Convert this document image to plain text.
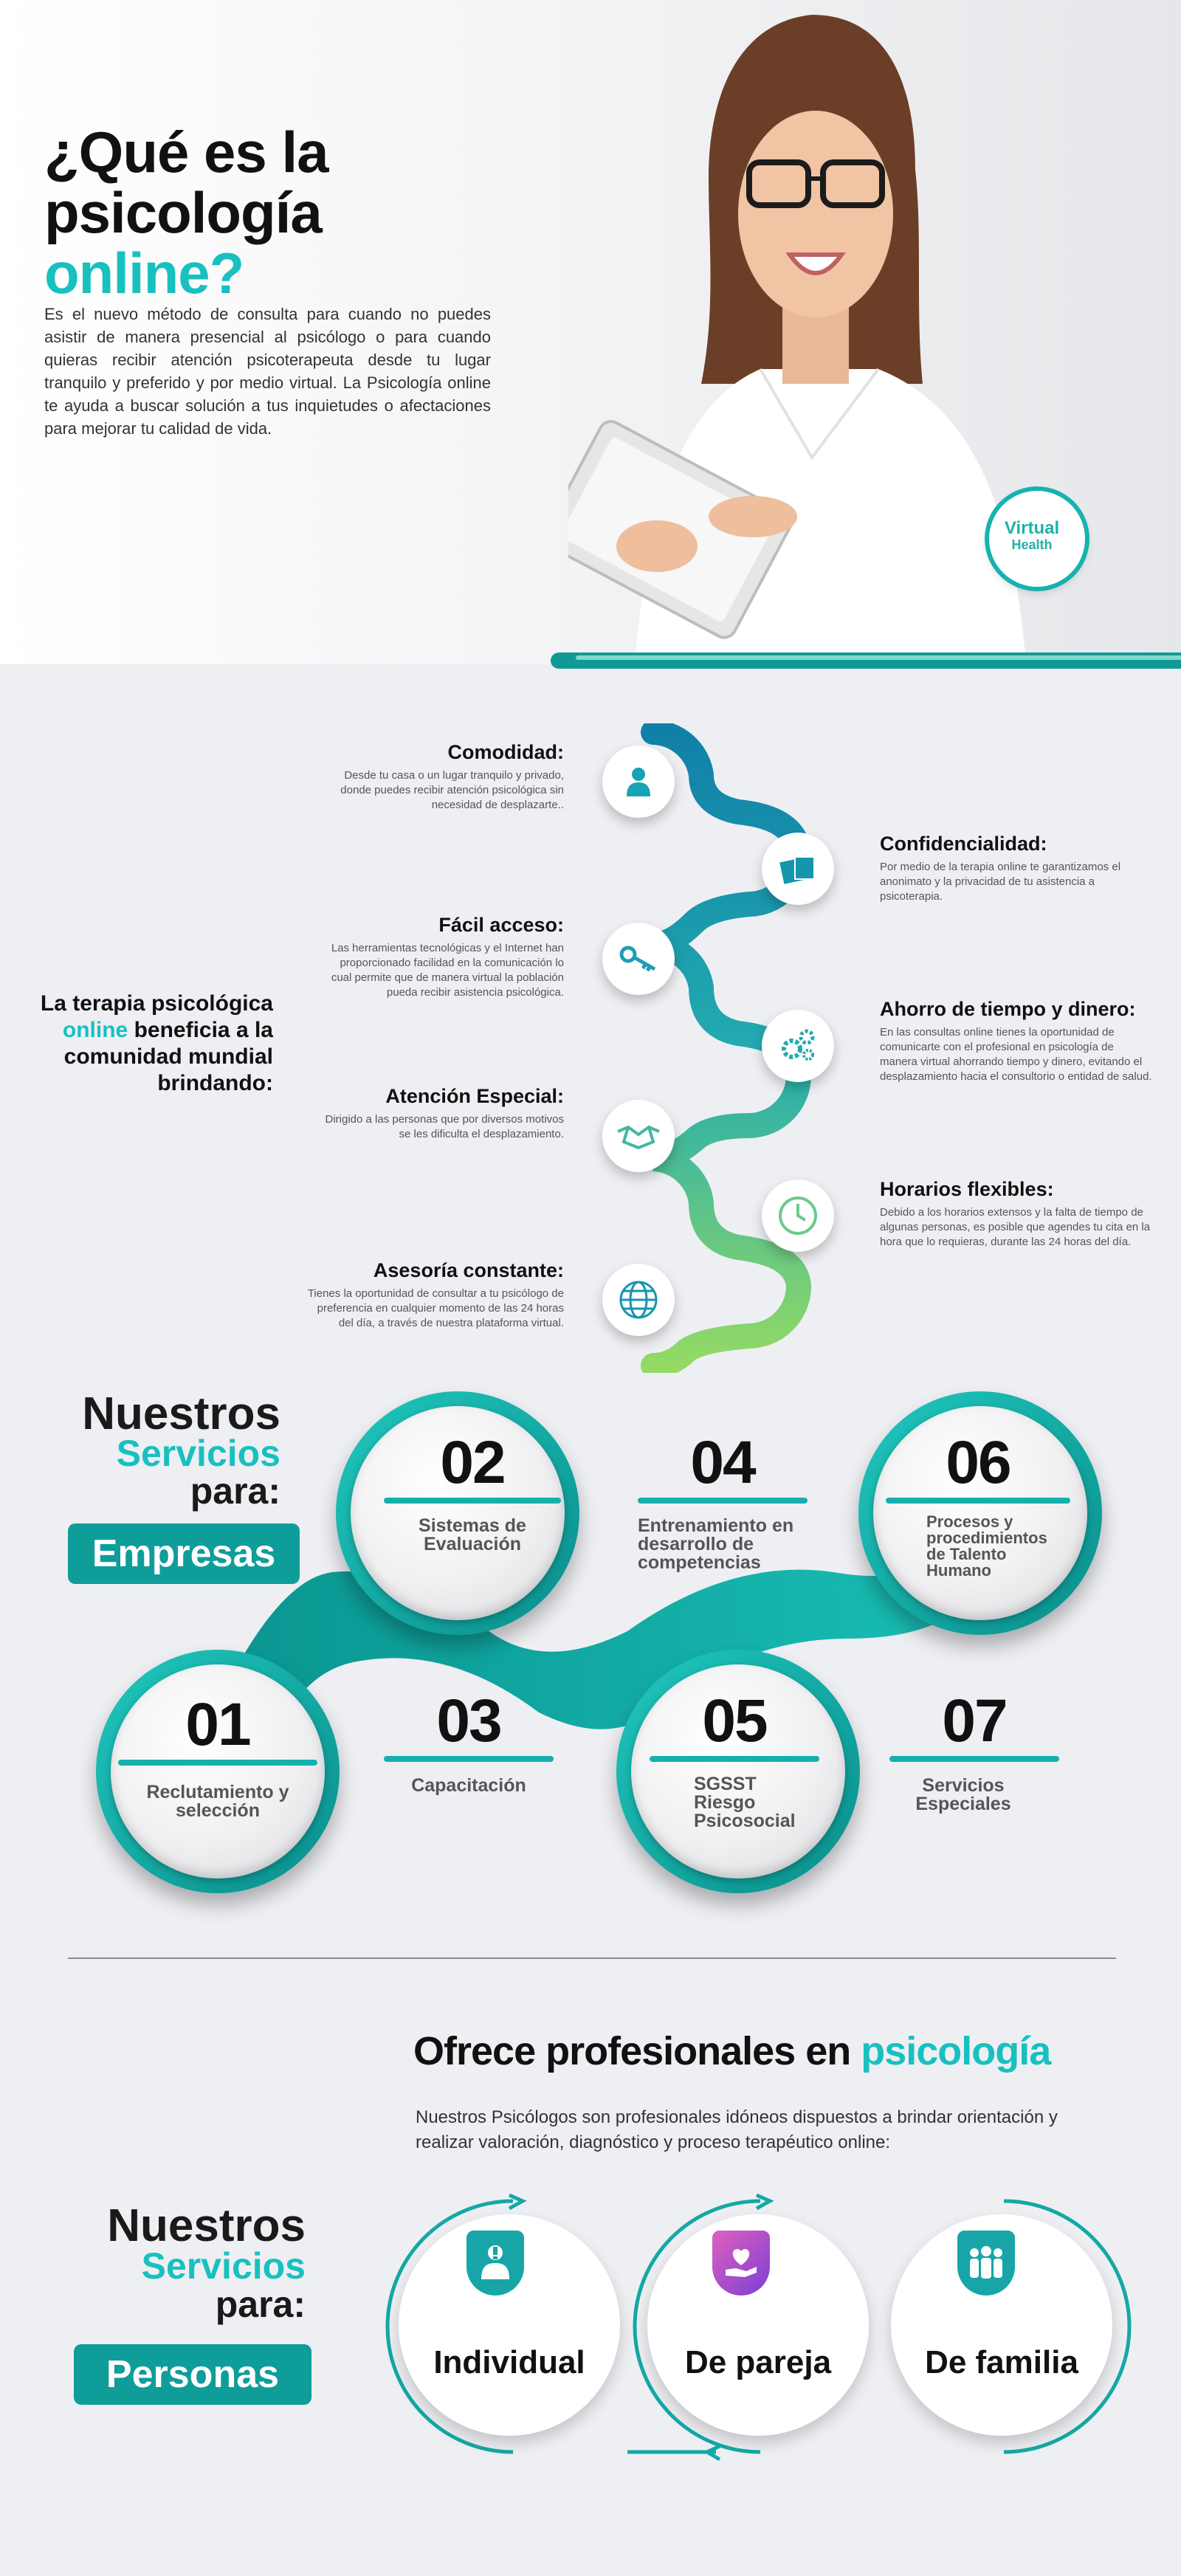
¿Qué es la psicología
online?
Es el nuevo método de consulta para cuando no puedes asistir de manera presencial al psicólogo o para cuando quieras recibir atención psicoterapeuta desde tu lugar tranquilo y preferido y por medio virtual. La Psicología online te ayuda a buscar solución a tus inquietudes o afectaciones para mejorar tu calidad de vida.
Virtual
Health
La terapia psicológica
online beneficia a la comunidad mundial brindando:
Comodidad:
Desde tu casa o un lugar tranquilo y privado, donde puedes recibir atención psicológica sin necesidad de desplazarte..
Confidencialidad:
Por medio de la terapia online te garantizamos el anonimato y la privacidad de tu asistencia a psicoterapia.
Fácil acceso:
Las herramientas tecnológicas y el Internet han proporcionado facilidad en la comunicación lo cual permite que de manera virtual la población pueda recibir asistencia psicológica.
Ahorro de tiempo y dinero:
En las consultas online tienes la oportunidad de comunicarte con el profesional en psicología de manera virtual ahorrando tiempo y dinero, evitando el desplazamiento hacia el consultorio o entidad de salud.
Atención Especial:
Dirigido a las personas que por diversos motivos se les dificulta el desplazamiento.
Horarios flexibles:
Debido a los horarios extensos y la falta de tiempo de algunas personas, es posible que agendes tu cita en la hora que lo requieras, durante las 24 horas del día.
Asesoría constante:
Tienes la oportunidad de consultar a tu psicólogo de preferencia en cualquier momento de las 24 horas del día, a través de nuestra plataforma virtual.
Nuestros
Servicios
para:
Empresas
01
Reclutamiento y selección
02
Sistemas de Evaluación
03
Capacitación
04
Entrenamiento en desarrollo de competencias
05
SGSST Riesgo Psicosocial
06
Procesos y procedimientos de Talento Humano
07
Servicios Especiales
Ofrece profesionales en psicología
Nuestros Psicólogos son profesionales idóneos dispuestos a brindar orientación y realizar valoración, diagnóstico y proceso terapéutico online:
Nuestros
Servicios
para:
Personas	Individual	De pareja	De familia
